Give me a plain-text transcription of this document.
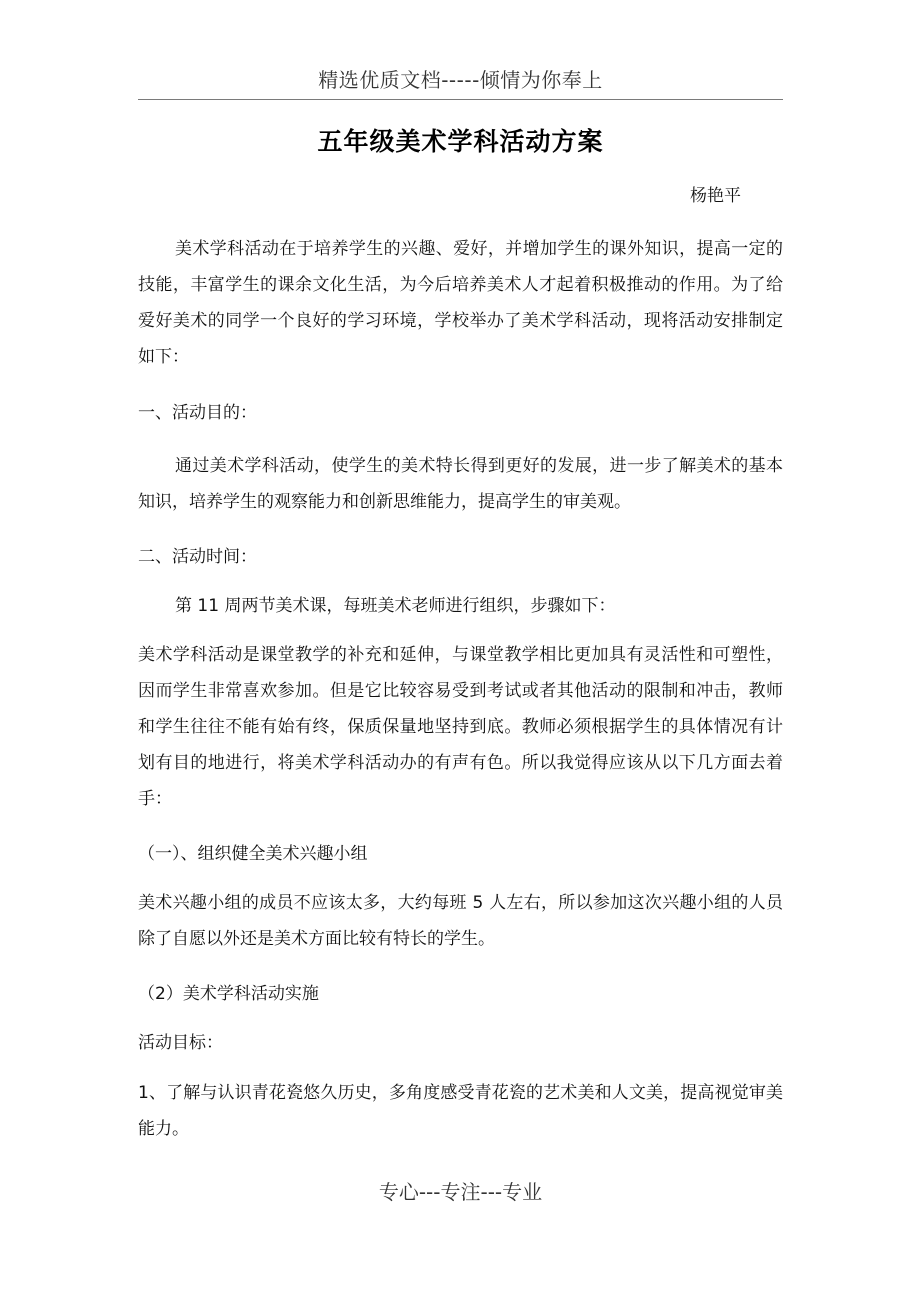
精选优质文档-----倾情为你奉上
五年级美术学科活动方案
杨艳平
美术学科活动在于培养学生的兴趣、爱好，并增加学生的课外知识，提高一定的技能，丰富学生的课余文化生活，为今后培养美术人才起着积极推动的作用。为了给爱好美术的同学一个良好的学习环境，学校举办了美术学科活动，现将活动安排制定如下：
一、活动目的：
通过美术学科活动，使学生的美术特长得到更好的发展，进一步了解美术的基本知识，培养学生的观察能力和创新思维能力，提高学生的审美观。
二、活动时间：
第 11 周两节美术课，每班美术老师进行组织，步骤如下：
美术学科活动是课堂教学的补充和延伸，与课堂教学相比更加具有灵活性和可塑性，因而学生非常喜欢参加。但是它比较容易受到考试或者其他活动的限制和冲击，教师和学生往往不能有始有终，保质保量地坚持到底。教师必须根据学生的具体情况有计划有目的地进行，将美术学科活动办的有声有色。所以我觉得应该从以下几方面去着手：
（一）、组织健全美术兴趣小组
美术兴趣小组的成员不应该太多，大约每班 5 人左右，所以参加这次兴趣小组的人员除了自愿以外还是美术方面比较有特长的学生。
（2）美术学科活动实施
活动目标：
1、了解与认识青花瓷悠久历史，多角度感受青花瓷的艺术美和人文美，提高视觉审美能力。
专心---专注---专业
